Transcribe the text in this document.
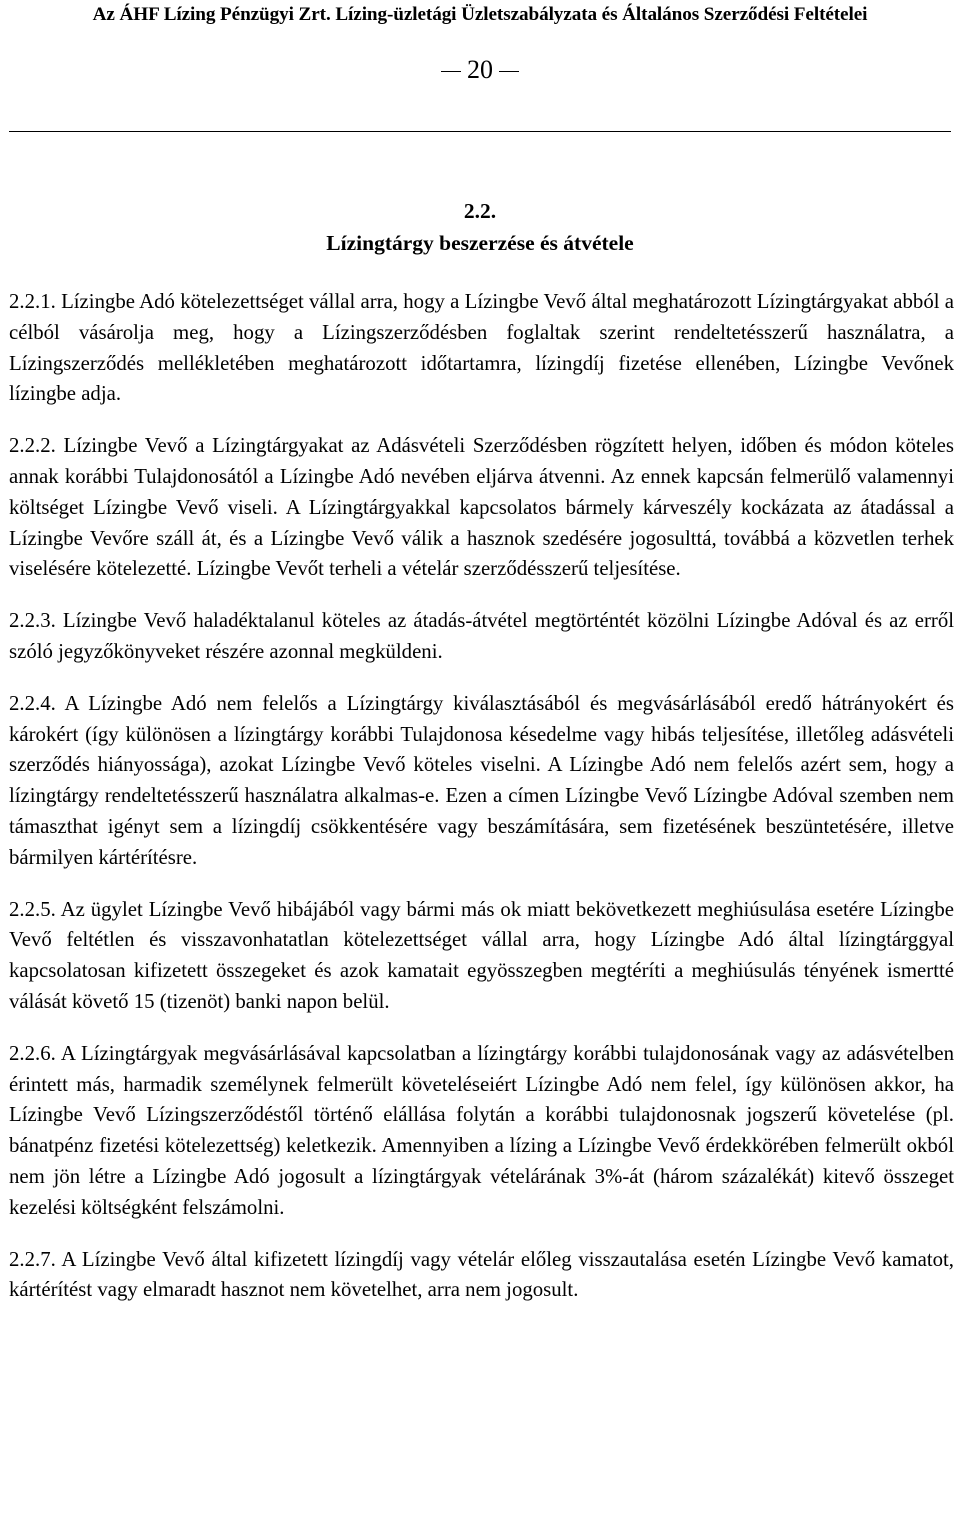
Az ÁHF Lízing Pénzügyi Zrt. Lízing-üzletági Üzletszabályzata és Általános Szerződési Feltételei
20
2.2.
Lízingtárgy beszerzése és átvétele

2.2.1. Lízingbe Adó kötelezettséget vállal arra, hogy a Lízingbe Vevő által meghatározott Lízingtárgyakat abból a célból vásárolja meg, hogy a Lízingszerződésben foglaltak szerint rendeltetésszerű használatra, a Lízingszerződés mellékletében meghatározott időtartamra, lízingdíj fizetése ellenében, Lízingbe Vevőnek lízingbe adja.

2.2.2. Lízingbe Vevő a Lízingtárgyakat az Adásvételi Szerződésben rögzített helyen, időben és módon köteles annak korábbi Tulajdonosától a Lízingbe Adó nevében eljárva átvenni. Az ennek kapcsán felmerülő valamennyi költséget Lízingbe Vevő viseli. A Lízingtárgyakkal kapcsolatos bármely kárveszély kockázata az átadással a Lízingbe Vevőre száll át, és a Lízingbe Vevő válik a hasznok szedésére jogosulttá, továbbá a közvetlen terhek viselésére kötelezetté. Lízingbe Vevőt terheli a vételár szerződésszerű teljesítése.

2.2.3. Lízingbe Vevő haladéktalanul köteles az átadás-átvétel megtörténtét közölni Lízingbe Adóval és az erről szóló jegyzőkönyveket részére azonnal megküldeni.

2.2.4. A Lízingbe Adó nem felelős a Lízingtárgy kiválasztásából és megvásárlásából eredő hátrányokért és károkért (így különösen a lízingtárgy korábbi Tulajdonosa késedelme vagy hibás teljesítése, illetőleg adásvételi szerződés hiányossága), azokat Lízingbe Vevő köteles viselni. A Lízingbe Adó nem felelős azért sem, hogy a lízingtárgy rendeltetésszerű használatra alkalmas-e. Ezen a címen Lízingbe Vevő Lízingbe Adóval szemben nem támaszthat igényt sem a lízingdíj csökkentésére vagy beszámítására, sem fizetésének beszüntetésére, illetve bármilyen kártérítésre.

2.2.5. Az ügylet Lízingbe Vevő hibájából vagy bármi más ok miatt bekövetkezett meghiúsulása esetére Lízingbe Vevő feltétlen és visszavonhatatlan kötelezettséget vállal arra, hogy Lízingbe Adó által lízingtárggyal kapcsolatosan kifizetett összegeket és azok kamatait egyösszegben megtéríti a meghiúsulás tényének ismertté válását követő 15 (tizenöt) banki napon belül.

2.2.6. A Lízingtárgyak megvásárlásával kapcsolatban a lízingtárgy korábbi tulajdonosának vagy az adásvételben érintett más, harmadik személynek felmerült követeléseiért Lízingbe Adó nem felel, így különösen akkor, ha Lízingbe Vevő Lízingszerződéstől történő elállása folytán a korábbi tulajdonosnak jogszerű követelése (pl. bánatpénz fizetési kötelezettség) keletkezik. Amennyiben a lízing a Lízingbe Vevő érdekkörében felmerült okból nem jön létre a Lízingbe Adó jogosult a lízingtárgyak vételárának 3%-át (három százalékát) kitevő összeget kezelési költségként felszámolni.

2.2.7. A Lízingbe Vevő által kifizetett lízingdíj vagy vételár előleg visszautalása esetén Lízingbe Vevő kamatot, kártérítést vagy elmaradt hasznot nem követelhet, arra nem jogosult.
